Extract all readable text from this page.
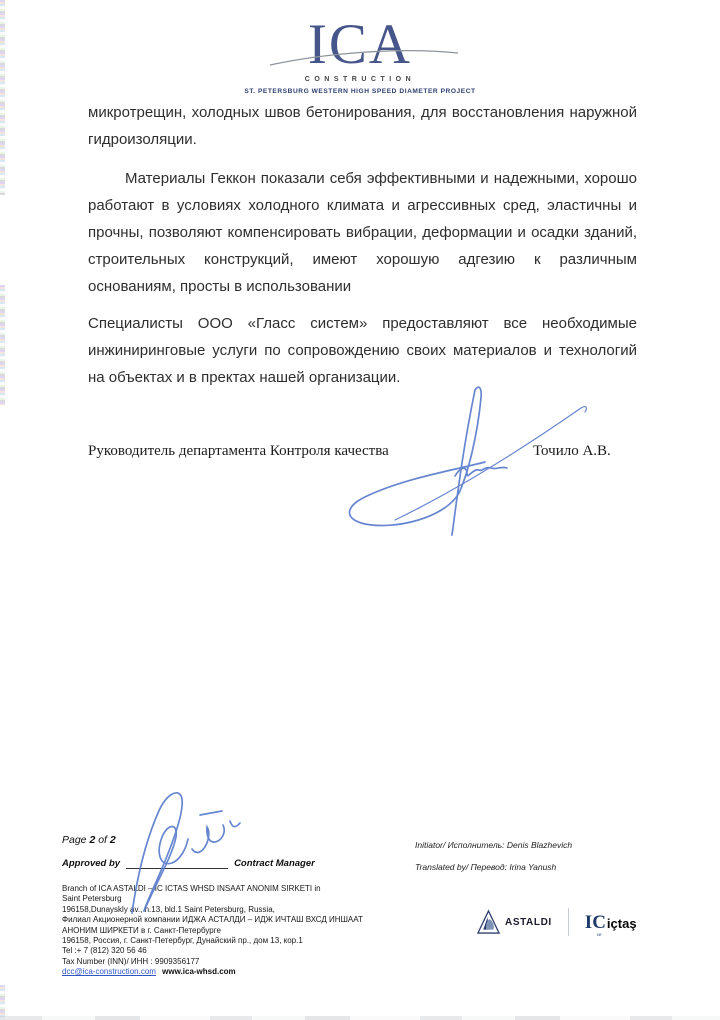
ICA
CONSTRUCTION
ST. PETERSBURG WESTERN HIGH SPEED DIAMETER PROJECT

микротрещин, холодных швов бетонирования, для восстановления наружной гидроизоляции.

Материалы Геккон показали себя эффективными и надежными, хорошо работают в условиях холодного климата и агрессивных сред, эластичны и прочны, позволяют компенсировать вибрации, деформации и осадки зданий, строительных конструкций, имеют хорошую адгезию к различным основаниям, просты в использовании

Специалисты ООО «Гласс систем» предоставляют все необходимые инжиниринговые услуги по сопровождению своих материалов и технологий на объектах и в пректах нашей организации.

Руководитель департамента Контроля качества	Точило А.В.
Page 2 of 2
Approved by	Contract Manager
Initiator/ Исполнитель: Denis Blazhevich
Translated by/ Перевод: Irina Yanush
Branch of ICA ASTALDI – IC ICTAS WHSD INSAAT ANONIM SIRKETI in
Saint Petersburg
196158,Dunayskly av., h.13, bld.1 Saint Petersburg, Russia,
Филиал Акционерной компании ИДЖА АСТАЛДИ – ИДЖ ИЧТАШ ВХСД ИНШААТ
АНОНИМ ШИРКЕТИ в г. Санкт-Петербурге
196158, Россия, г. Санкт-Петербург, Дунайский пр., дом 13, кор.1
Tel :+ 7 (812) 320 56 46
Tax Number (INN)/ ИНН : 9909356177
dcc@ica-construction.com www.ica-whsd.com
ASTALDI IC
ce
içtaş
